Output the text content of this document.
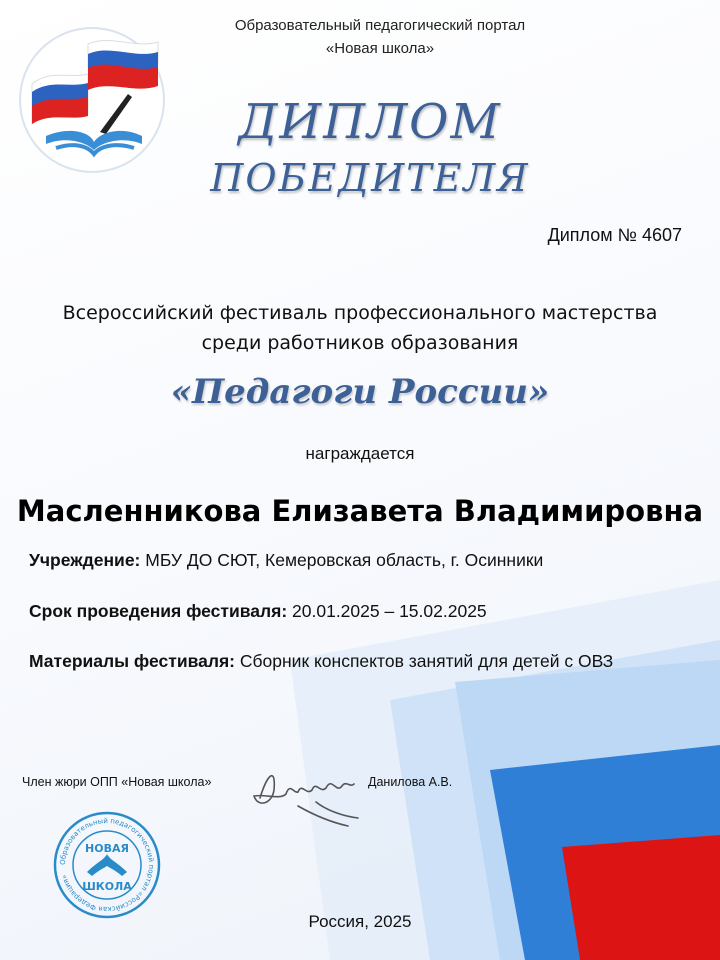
Образовательный педагогический портал
«Новая школа»
ДИПЛОМ
ПОБЕДИТЕЛЯ
Диплом № 4607
Всероссийский фестиваль профессионального мастерства
среди работников образования
«Педагоги России»
награждается
Масленникова Елизавета Владимировна
Учреждение: МБУ ДО СЮТ, Кемеровская область, г. Осинники
Срок проведения фестиваля: 20.01.2025 – 15.02.2025
Материалы фестиваля: Сборник конспектов занятий для детей с ОВЗ
Член жюри ОПП «Новая школа»	Данилова А.В.
Образовательный педагогический портал «Российская Федерация»
НОВАЯ
ШКОЛА
Россия, 2025
